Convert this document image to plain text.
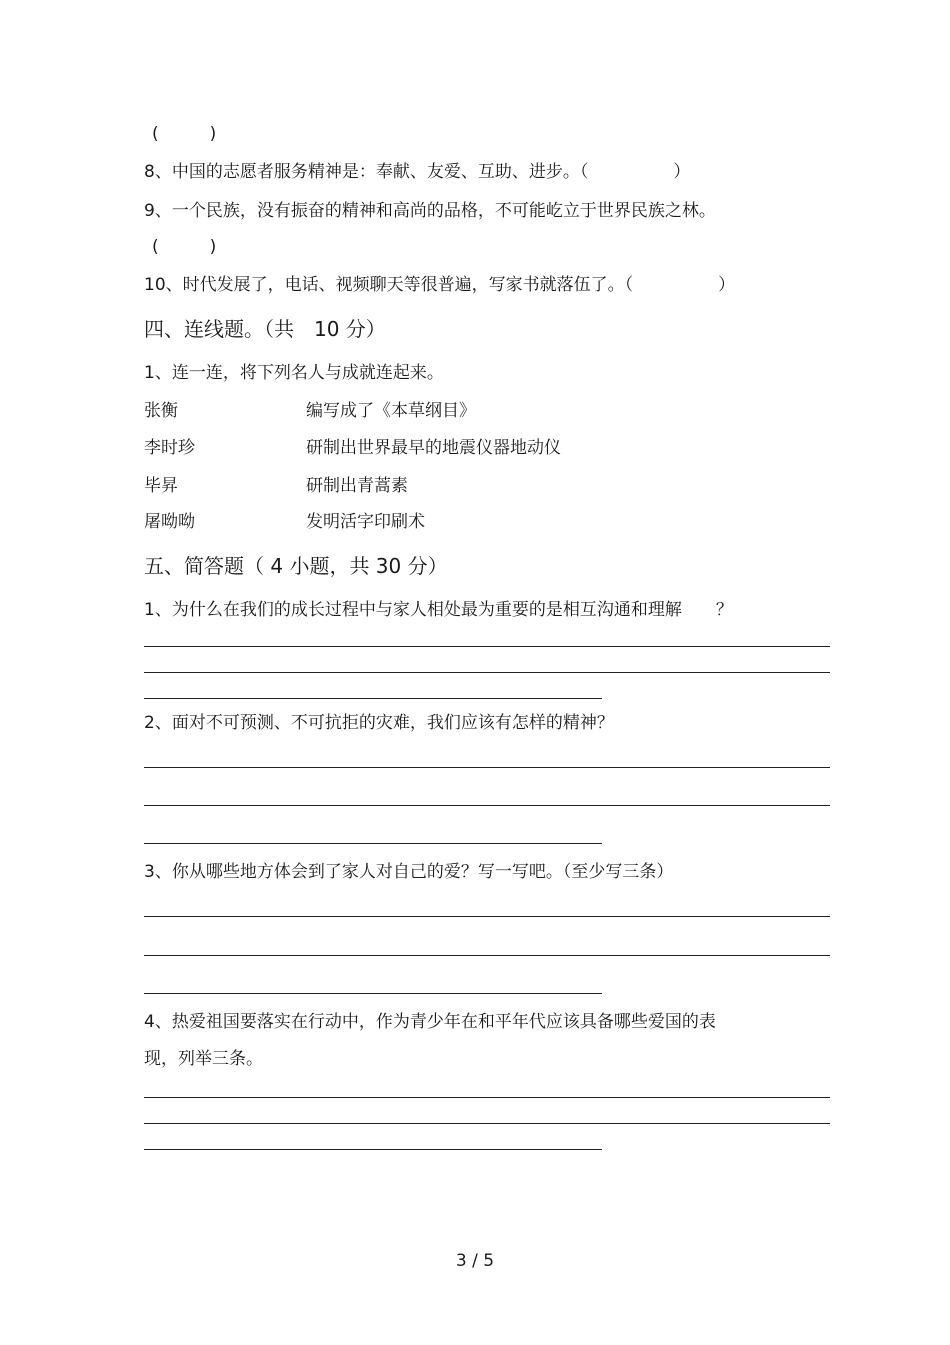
(　　　)
8、中国的志愿者服务精神是：奉献、友爱、互助、进步。（　　　　　）
9、一个民族，没有振奋的精神和高尚的品格，不可能屹立于世界民族之林。
(　　　)
10、时代发展了，电话、视频聊天等很普遍，写家书就落伍了。（　　　　　）
四、连线题。（共　10 分）
1、连一连，将下列名人与成就连起来。
张衡	编写成了《本草纲目》
李时珍	研制出世界最早的地震仪器地动仪
毕昇	研制出青蒿素
屠呦呦	发明活字印刷术
五、简答题（ 4 小题，共 30 分）
1、为什么在我们的成长过程中与家人相处最为重要的是相互沟通和理解　　？
2、面对不可预测、不可抗拒的灾难，我们应该有怎样的精神？
3、你从哪些地方体会到了家人对自己的爱？写一写吧。（至少写三条）
4、热爱祖国要落实在行动中，作为青少年在和平年代应该具备哪些爱国的表
现，列举三条。
3 / 5
